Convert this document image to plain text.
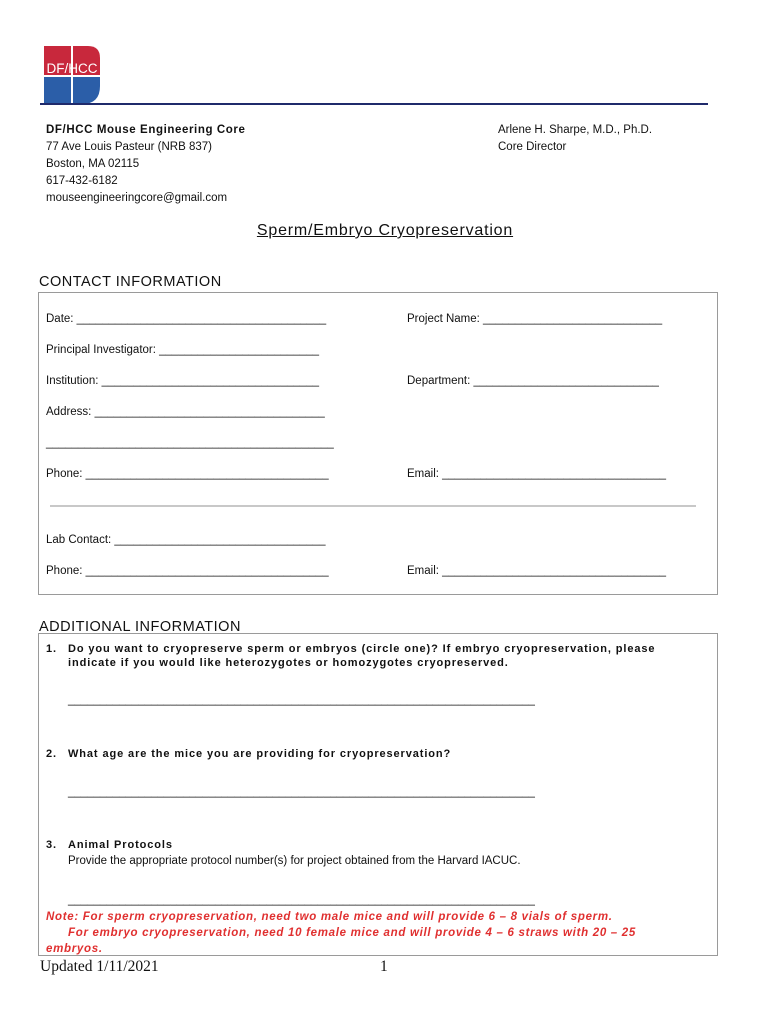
DF/HCC
DF/HCC Mouse Engineering Core
77 Ave Louis Pasteur (NRB 837)
Boston, MA 02115
617-432-6182
mouseengineeringcore@gmail.com
Arlene H. Sharpe, M.D., Ph.D.
Core Director
Sperm/Embryo Cryopreservation
CONTACT INFORMATION
Date: _______________________________________	Project Name: ____________________________
Principal Investigator: _________________________
Institution: __________________________________	Department: _____________________________
Address: ____________________________________
_____________________________________________
Phone: ______________________________________	Email: ___________________________________
Lab Contact: _________________________________
Phone: ______________________________________	Email: ___________________________________
ADDITIONAL INFORMATION
1. Do you want to cryopreserve sperm or embryos (circle one)? If embryo cryopreservation, please
indicate if you would like heterozygotes or homozygotes cryopreserved.
_________________________________________________________________________
2. What age are the mice you are providing for cryopreservation?
_________________________________________________________________________
3. Animal Protocols
Provide the appropriate protocol number(s) for project obtained from the Harvard IACUC.
_________________________________________________________________________
Note: For sperm cryopreservation, need two male mice and will provide 6 – 8 vials of sperm.
For embryo cryopreservation, need 10 female mice and will provide 4 – 6 straws with 20 – 25
embryos.
Updated 1/11/2021	1
